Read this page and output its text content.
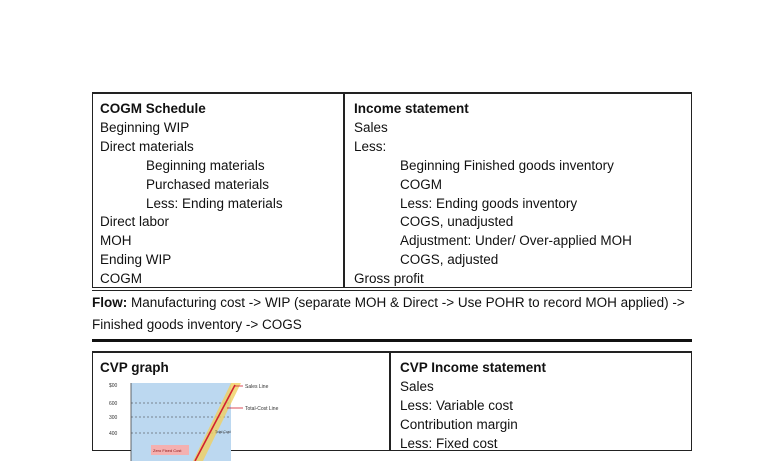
COGM Schedule
Beginning WIP
Direct materials
Beginning materials
Purchased materials
Less: Ending materials
Direct labor
MOH
Ending WIP
COGM
Income statement
Sales
Less:
Beginning Finished goods inventory
COGM
Less: Ending goods inventory
COGS, unadjusted
Adjustment: Under/ Over-applied MOH
COGS, adjusted
Gross profit
Flow: Manufacturing cost -> WIP (separate MOH & Direct -> Use POHR to record MOH applied) -> Finished goods inventory -> COGS
CVP graph
$00
600
300
400
Sales Line
Total-Cost Line
Total Cost
Zero Fixed Cost
CVP Income statement
Sales
Less: Variable cost
Contribution margin
Less: Fixed cost
